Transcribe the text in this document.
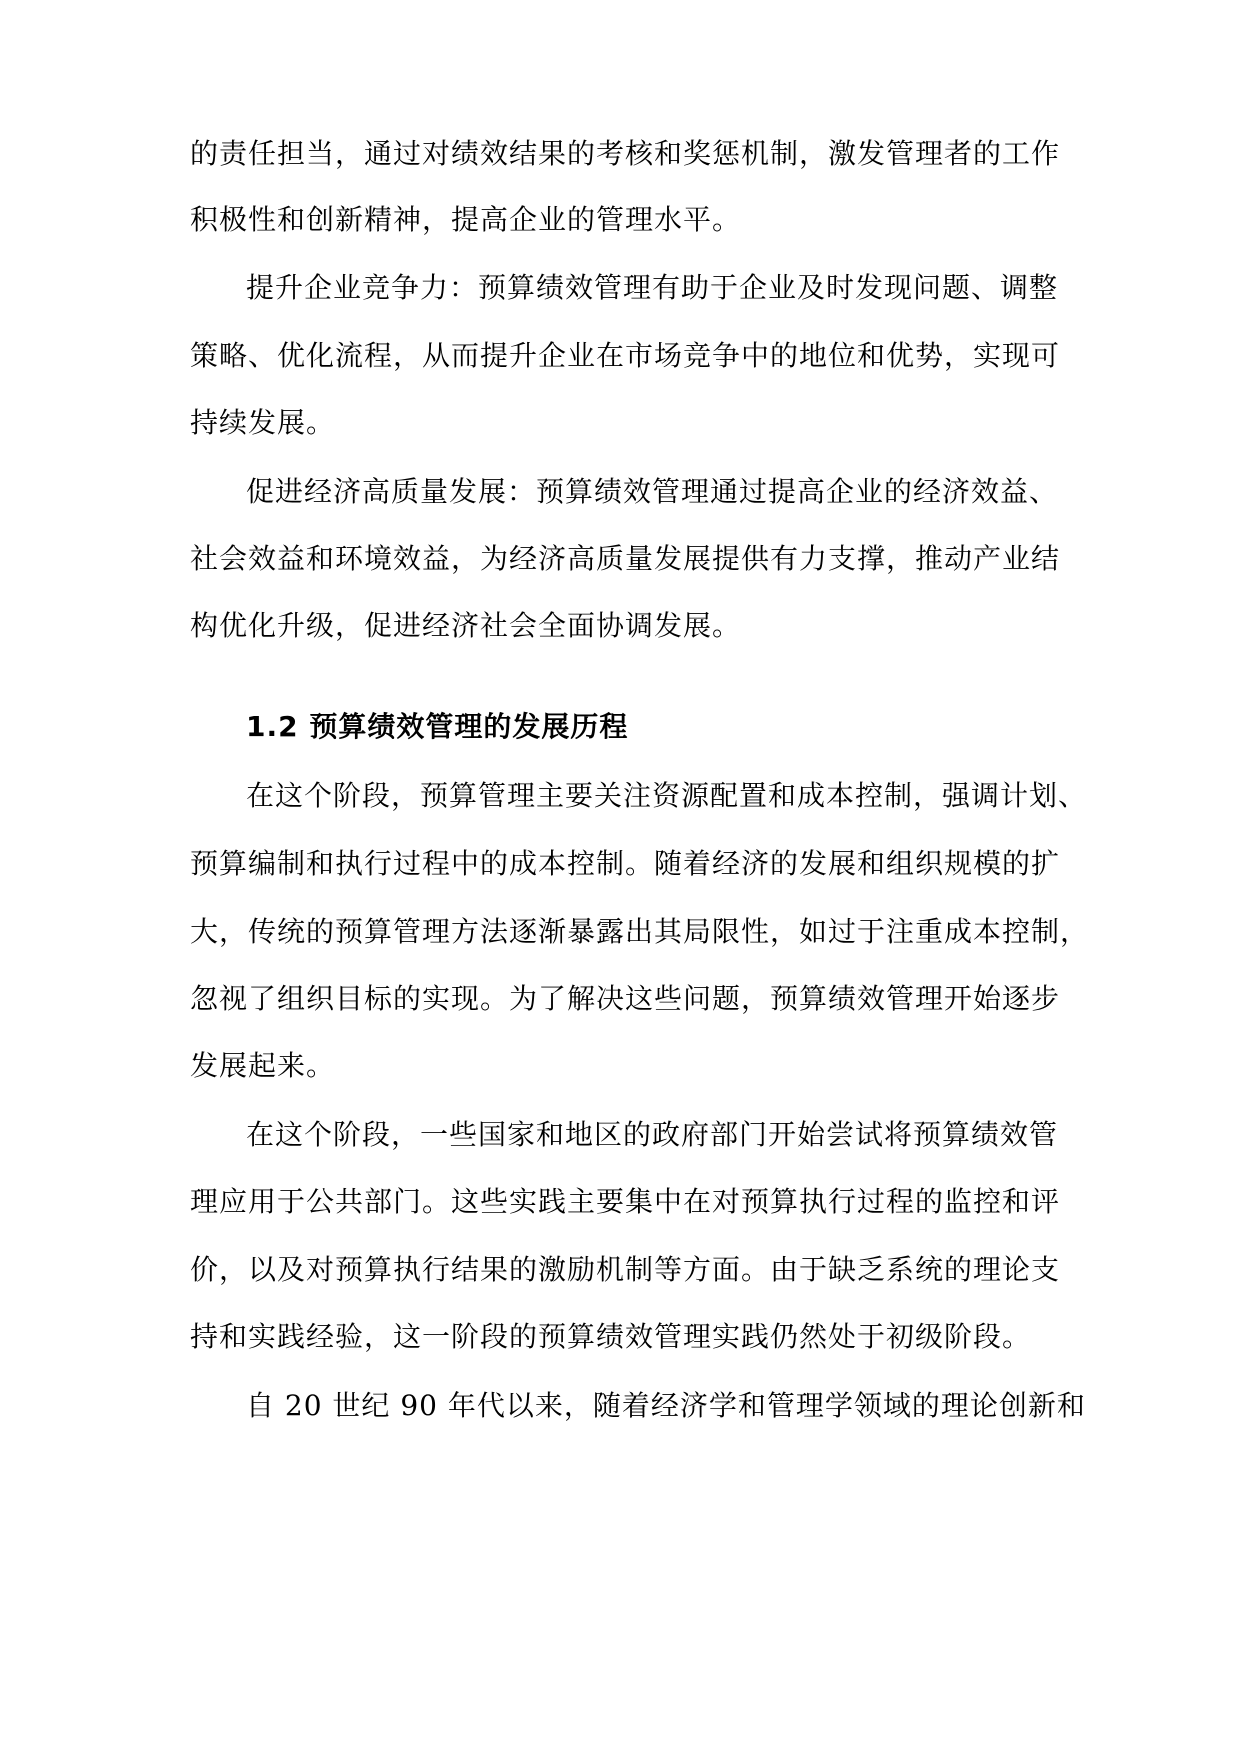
的责任担当，通过对绩效结果的考核和奖惩机制，激发管理者的工作
积极性和创新精神，提高企业的管理水平。
提升企业竞争力：预算绩效管理有助于企业及时发现问题、调整
策略、优化流程，从而提升企业在市场竞争中的地位和优势，实现可
持续发展。
促进经济高质量发展：预算绩效管理通过提高企业的经济效益、
社会效益和环境效益，为经济高质量发展提供有力支撑，推动产业结
构优化升级，促进经济社会全面协调发展。
1.2 预算绩效管理的发展历程
在这个阶段，预算管理主要关注资源配置和成本控制，强调计划、
预算编制和执行过程中的成本控制。随着经济的发展和组织规模的扩
大，传统的预算管理方法逐渐暴露出其局限性，如过于注重成本控制，
忽视了组织目标的实现。为了解决这些问题，预算绩效管理开始逐步
发展起来。
在这个阶段，一些国家和地区的政府部门开始尝试将预算绩效管
理应用于公共部门。这些实践主要集中在对预算执行过程的监控和评
价，以及对预算执行结果的激励机制等方面。由于缺乏系统的理论支
持和实践经验，这一阶段的预算绩效管理实践仍然处于初级阶段。
自 20 世纪 90 年代以来，随着经济学和管理学领域的理论创新和
